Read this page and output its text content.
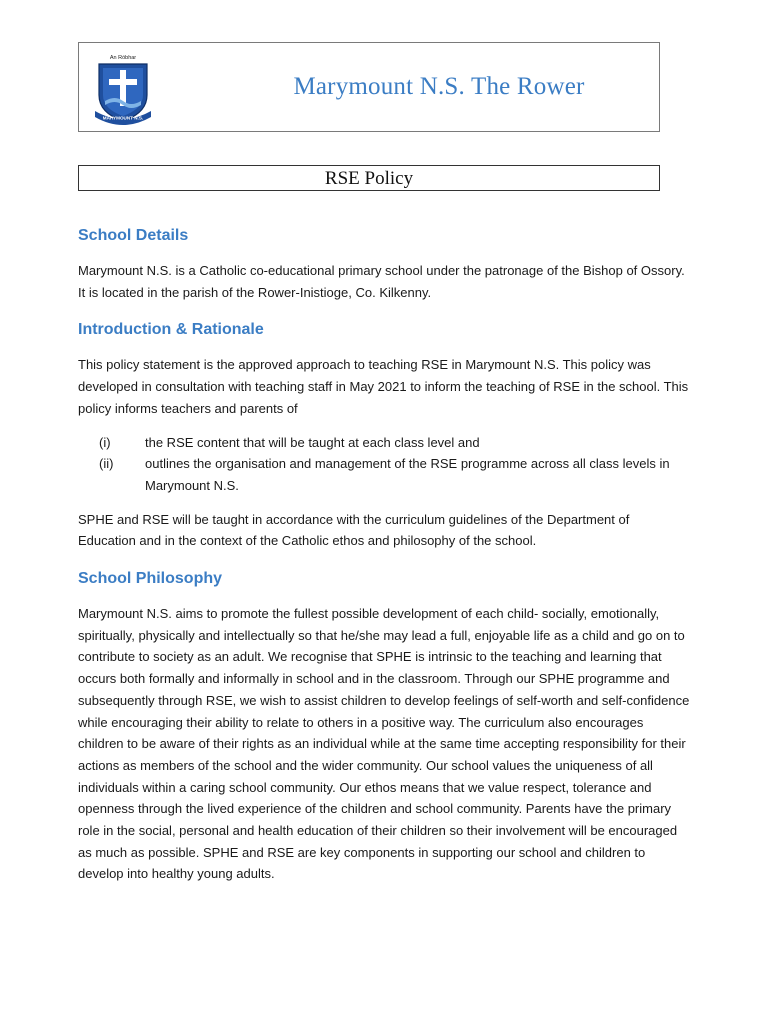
An Róbhar
MARYMOUNT N.S.
Marymount N.S. The Rower
RSE Policy
School Details

Marymount N.S. is a Catholic co-educational primary school under the patronage of the Bishop of Ossory. It is located in the parish of the Rower-Inistioge, Co. Kilkenny.

Introduction & Rationale

This policy statement is the approved approach to teaching RSE in Marymount N.S. This policy was developed in consultation with teaching staff in May 2021 to inform the teaching of RSE in the school. This policy informs teachers and parents of

(i)	the RSE content that will be taught at each class level and
(ii)	outlines the organisation and management of the RSE programme across all class levels in Marymount N.S.

SPHE and RSE will be taught in accordance with the curriculum guidelines of the Department of Education and in the context of the Catholic ethos and philosophy of the school.

School Philosophy

Marymount N.S. aims to promote the fullest possible development of each child- socially, emotionally, spiritually, physically and intellectually so that he/she may lead a full, enjoyable life as a child and go on to contribute to society as an adult. We recognise that SPHE is intrinsic to the teaching and learning that occurs both formally and informally in school and in the classroom. Through our SPHE programme and subsequently through RSE, we wish to assist children to develop feelings of self-worth and self-confidence while encouraging their ability to relate to others in a positive way. The curriculum also encourages children to be aware of their rights as an individual while at the same time accepting responsibility for their actions as members of the school and the wider community. Our school values the uniqueness of all individuals within a caring school community. Our ethos means that we value respect, tolerance and openness through the lived experience of the children and school community. Parents have the primary role in the social, personal and health education of their children so their involvement will be encouraged as much as possible. SPHE and RSE are key components in supporting our school and children to develop into healthy young adults.
